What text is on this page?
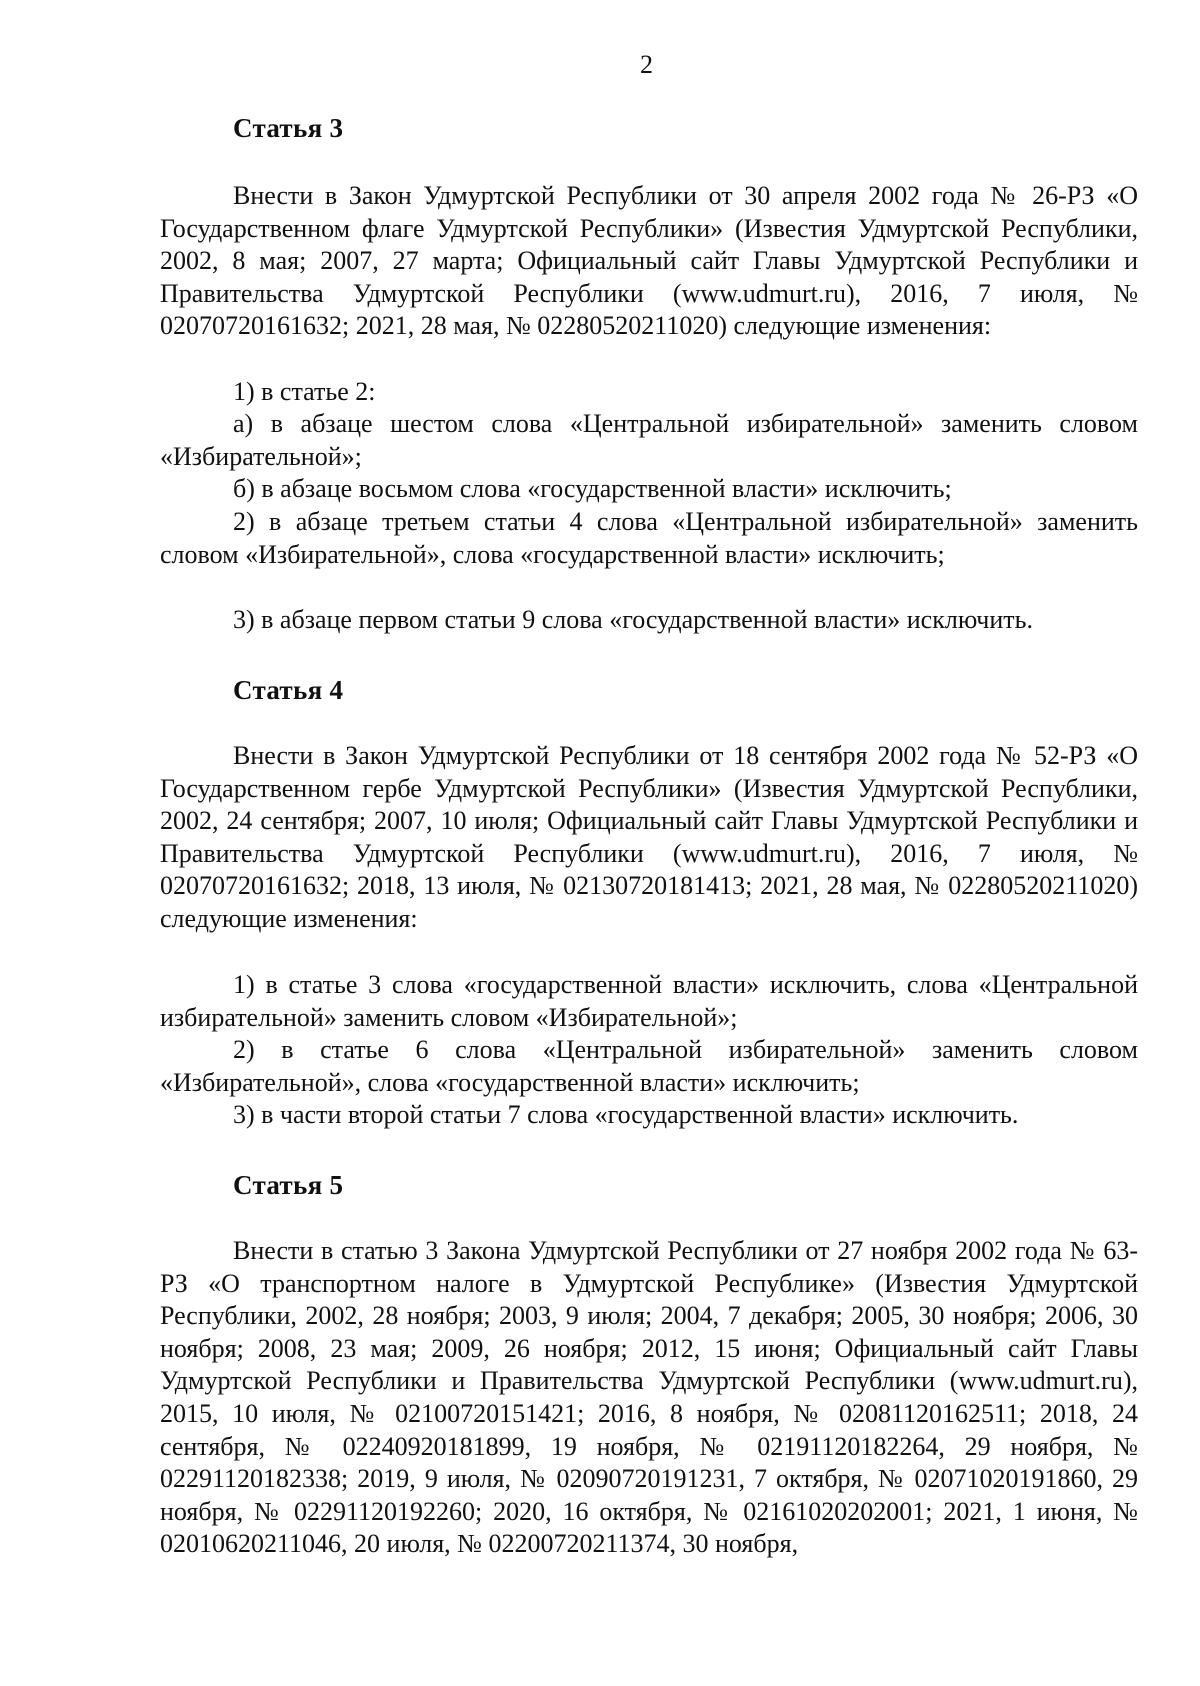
2
Статья 3
Внести в Закон Удмуртской Республики от 30 апреля 2002 года № 26-РЗ «О Государственном флаге Удмуртской Республики» (Известия Удмуртской Республики, 2002, 8 мая; 2007, 27 марта; Официальный сайт Главы Удмуртской Республики и Правительства Удмуртской Республики (www.udmurt.ru), 2016, 7 июля, № 02070720161632; 2021, 28 мая, № 02280520211020) следующие изменения:
1) в статье 2:
а) в абзаце шестом слова «Центральной избирательной» заменить словом «Избирательной»;
б) в абзаце восьмом слова «государственной власти» исключить;
2) в абзаце третьем статьи 4 слова «Центральной избирательной» заменить словом «Избирательной», слова «государственной власти» исключить;
3) в абзаце первом статьи 9 слова «государственной власти» исключить.
Статья 4
Внести в Закон Удмуртской Республики от 18 сентября 2002 года № 52-РЗ «О Государственном гербе Удмуртской Республики» (Известия Удмуртской Республики, 2002, 24 сентября; 2007, 10 июля; Официальный сайт Главы Удмуртской Республики и Правительства Удмуртской Республики (www.udmurt.ru), 2016, 7 июля, № 02070720161632; 2018, 13 июля, № 02130720181413; 2021, 28 мая, № 02280520211020) следующие изменения:
1) в статье 3 слова «государственной власти» исключить, слова «Центральной избирательной» заменить словом «Избирательной»;
2) в статье 6 слова «Центральной избирательной» заменить словом «Избирательной», слова «государственной власти» исключить;
3) в части второй статьи 7 слова «государственной власти» исключить.
Статья 5
Внести в статью 3 Закона Удмуртской Республики от 27 ноября 2002 года № 63-РЗ «О транспортном налоге в Удмуртской Республике» (Известия Удмуртской Республики, 2002, 28 ноября; 2003, 9 июля; 2004, 7 декабря; 2005, 30 ноября; 2006, 30 ноября; 2008, 23 мая; 2009, 26 ноября; 2012, 15 июня; Официальный сайт Главы Удмуртской Республики и Правительства Удмуртской Республики (www.udmurt.ru), 2015, 10 июля, № 02100720151421; 2016, 8 ноября, № 02081120162511; 2018, 24 сентября, № 02240920181899, 19 ноября, № 02191120182264, 29 ноября, № 02291120182338; 2019, 9 июля, № 02090720191231, 7 октября, № 02071020191860, 29 ноября, № 02291120192260; 2020, 16 октября, № 02161020202001; 2021, 1 июня, № 02010620211046, 20 июля, № 02200720211374, 30 ноября,
